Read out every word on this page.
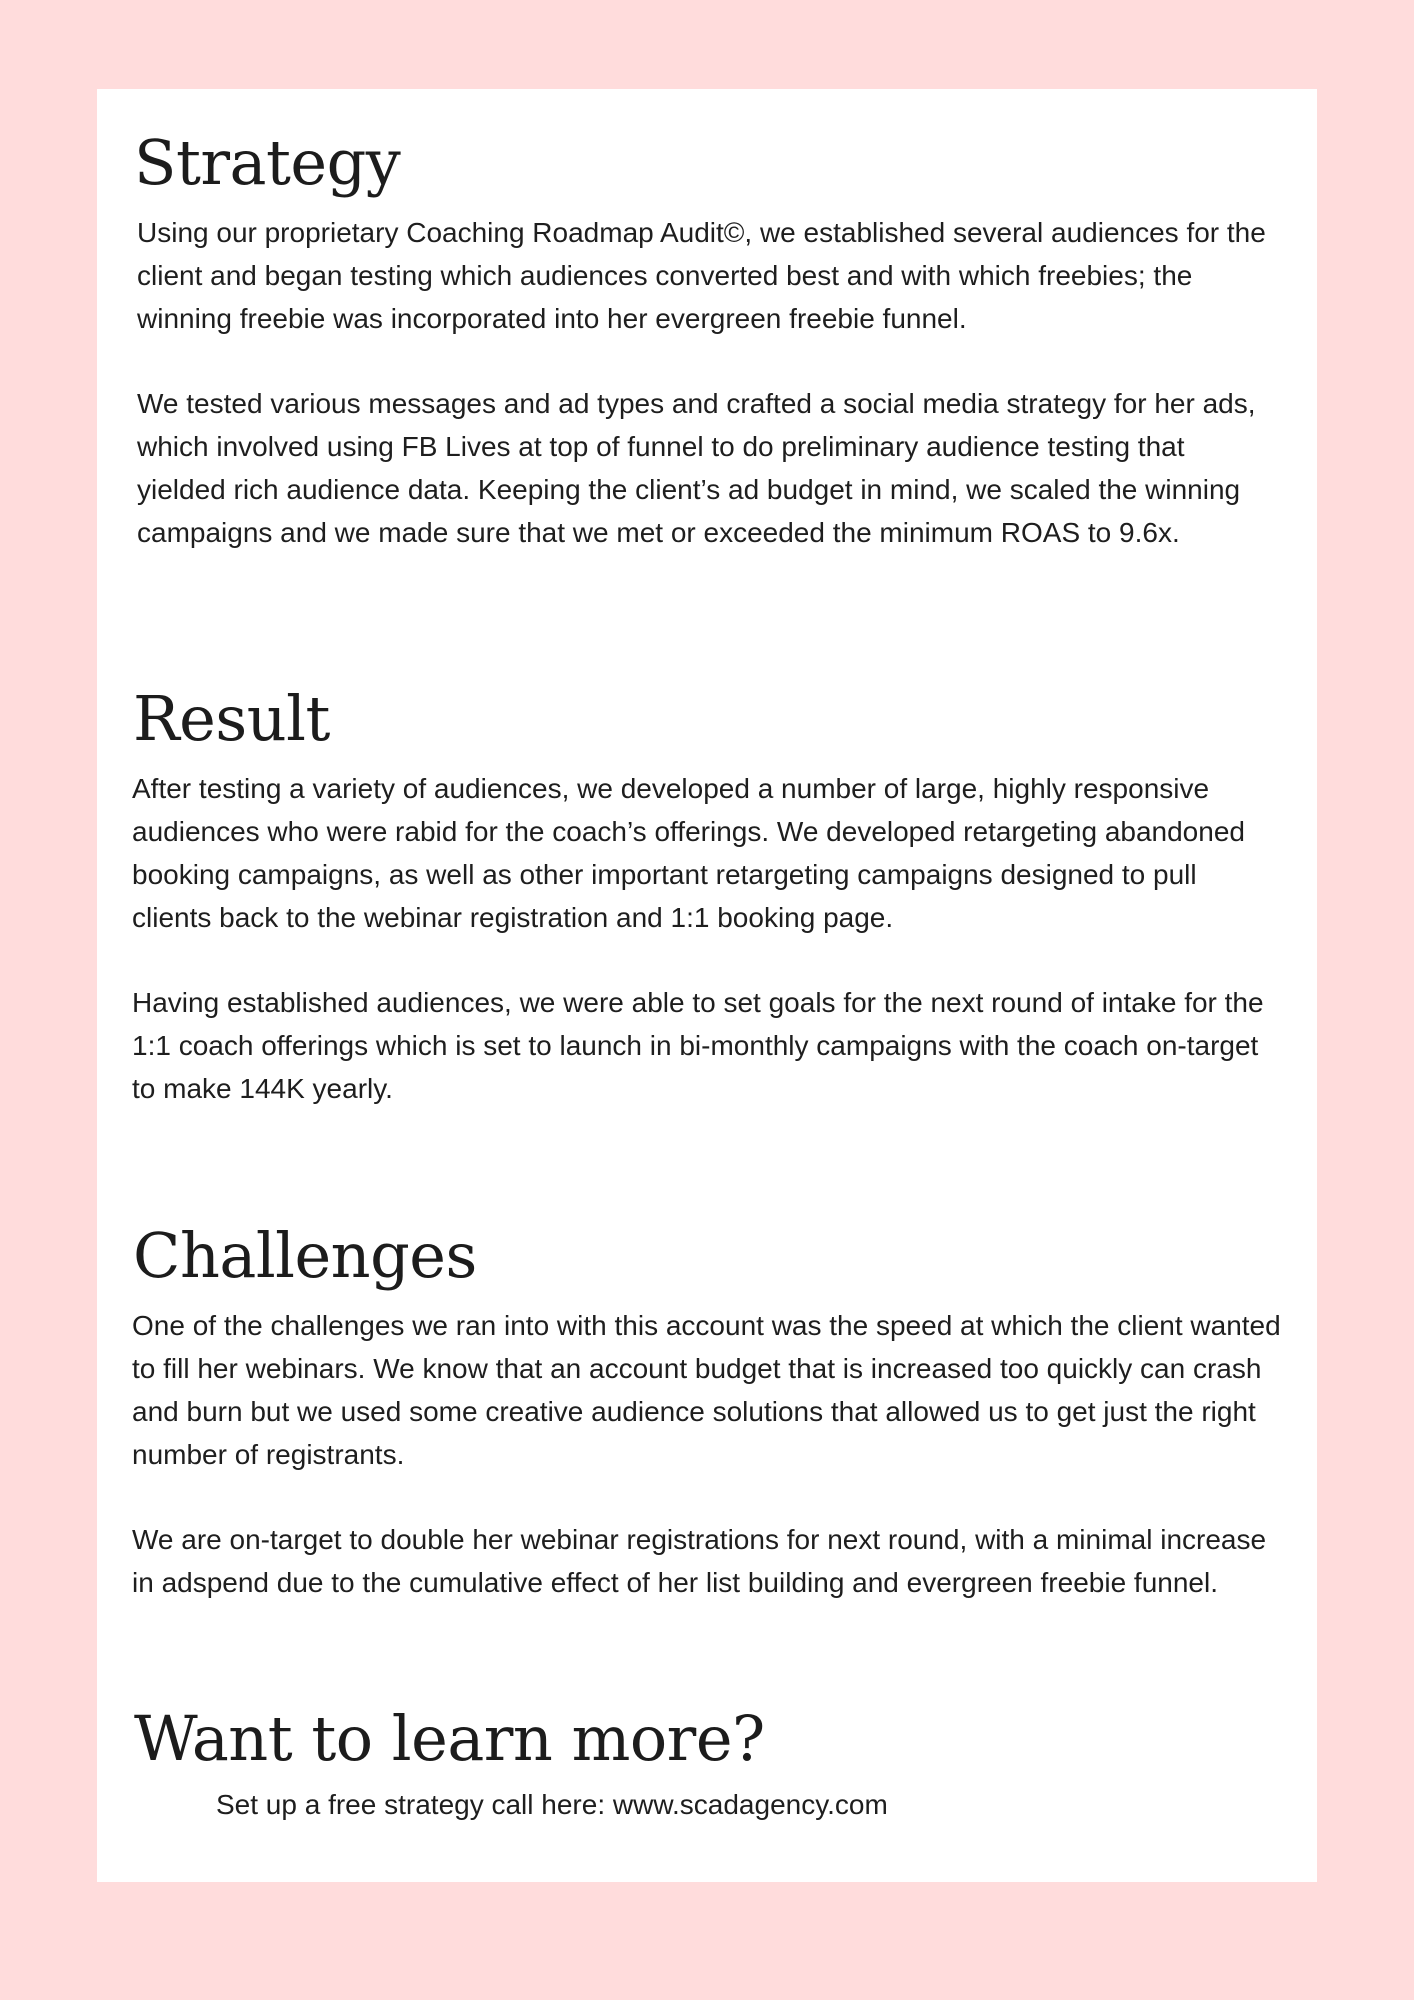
Strategy

Using our proprietary Coaching Roadmap Audit©, we established several audiences for the client and began testing which audiences converted best and with which freebies; the winning freebie was incorporated into her evergreen freebie funnel.

We tested various messages and ad types and crafted a social media strategy for her ads, which involved using FB Lives at top of funnel to do preliminary audience testing that yielded rich audience data. Keeping the client’s ad budget in mind, we scaled the winning campaigns and we made sure that we met or exceeded the minimum ROAS to 9.6x.

Result

After testing a variety of audiences, we developed a number of large, highly responsive audiences who were rabid for the coach’s offerings. We developed retargeting abandoned booking campaigns, as well as other important retargeting campaigns designed to pull clients back to the webinar registration and 1:1 booking page.

Having established audiences, we were able to set goals for the next round of intake for the 1:1 coach offerings which is set to launch in bi-monthly campaigns with the coach on-target to make 144K yearly.

Challenges

One of the challenges we ran into with this account was the speed at which the client wanted to fill her webinars. We know that an account budget that is increased too quickly can crash and burn but we used some creative audience solutions that allowed us to get just the right number of registrants.

We are on-target to double her webinar registrations for next round, with a minimal increase in adspend due to the cumulative effect of her list building and evergreen freebie funnel.

Want to learn more?

Set up a free strategy call here: www.scadagency.com
